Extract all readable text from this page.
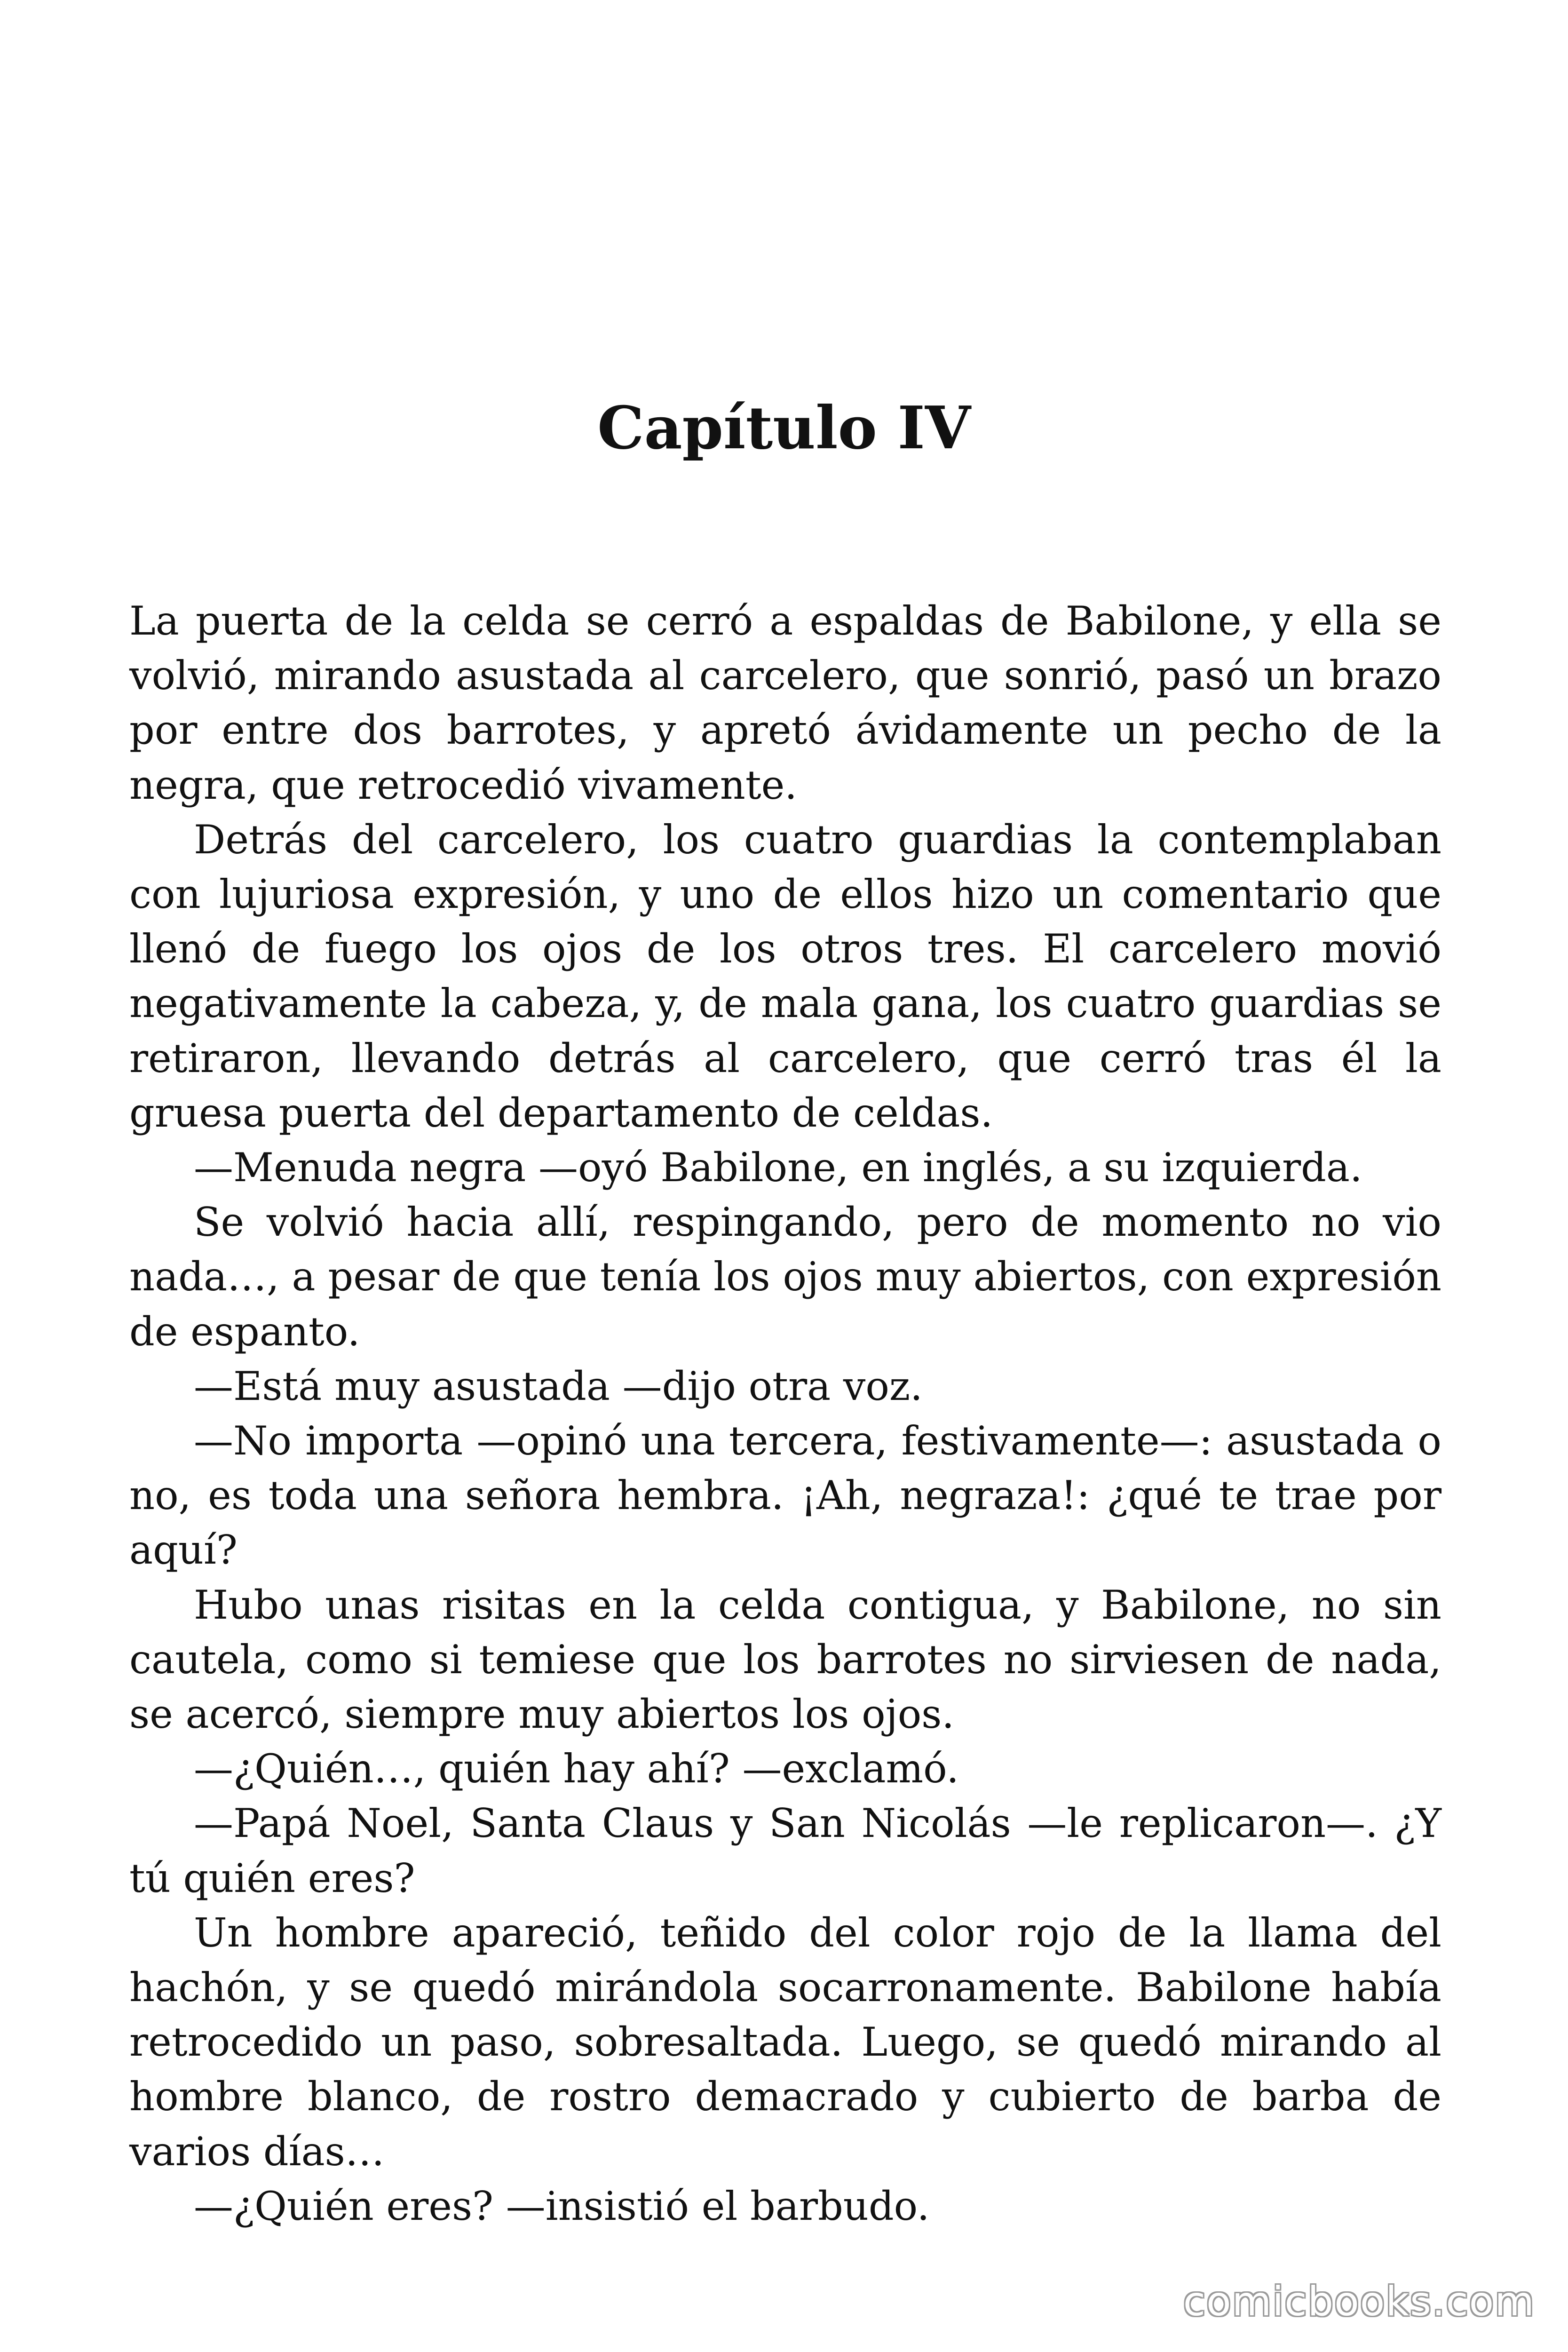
Capítulo IV

La puerta de la celda se cerró a espaldas de Babilone, y ella se volvió, mirando asustada al carcelero, que sonrió, pasó un brazo por entre dos barrotes, y apretó ávidamente un pecho de la negra, que retrocedió vivamente.

Detrás del carcelero, los cuatro guardias la contemplaban con lujuriosa expresión, y uno de ellos hizo un comentario que llenó de fuego los ojos de los otros tres. El carcelero movió negativamente la cabeza, y, de mala gana, los cuatro guardias se retiraron, llevando detrás al carcelero, que cerró tras él la gruesa puerta del departamento de celdas.

—Menuda negra —oyó Babilone, en inglés, a su izquierda.

Se volvió hacia allí, respingando, pero de momento no vio nada…, a pesar de que tenía los ojos muy abiertos, con expresión de espanto.

—Está muy asustada —dijo otra voz.

—No importa —opinó una tercera, festivamente—: asustada o no, es toda una señora hembra. ¡Ah, negraza!: ¿qué te trae por aquí?

Hubo unas risitas en la celda contigua, y Babilone, no sin cautela, como si temiese que los barrotes no sirviesen de nada, se acercó, siempre muy abiertos los ojos.

—¿Quién…, quién hay ahí? —exclamó.

—Papá Noel, Santa Claus y San Nicolás —le replicaron—. ¿Y tú quién eres?

Un hombre apareció, teñido del color rojo de la llama del hachón, y se quedó mirándola socarronamente. Babilone había retrocedido un paso, sobresaltada. Luego, se quedó mirando al hombre blanco, de rostro demacrado y cubierto de barba de varios días…

—¿Quién eres? —insistió el barbudo.

comicbooks.com
